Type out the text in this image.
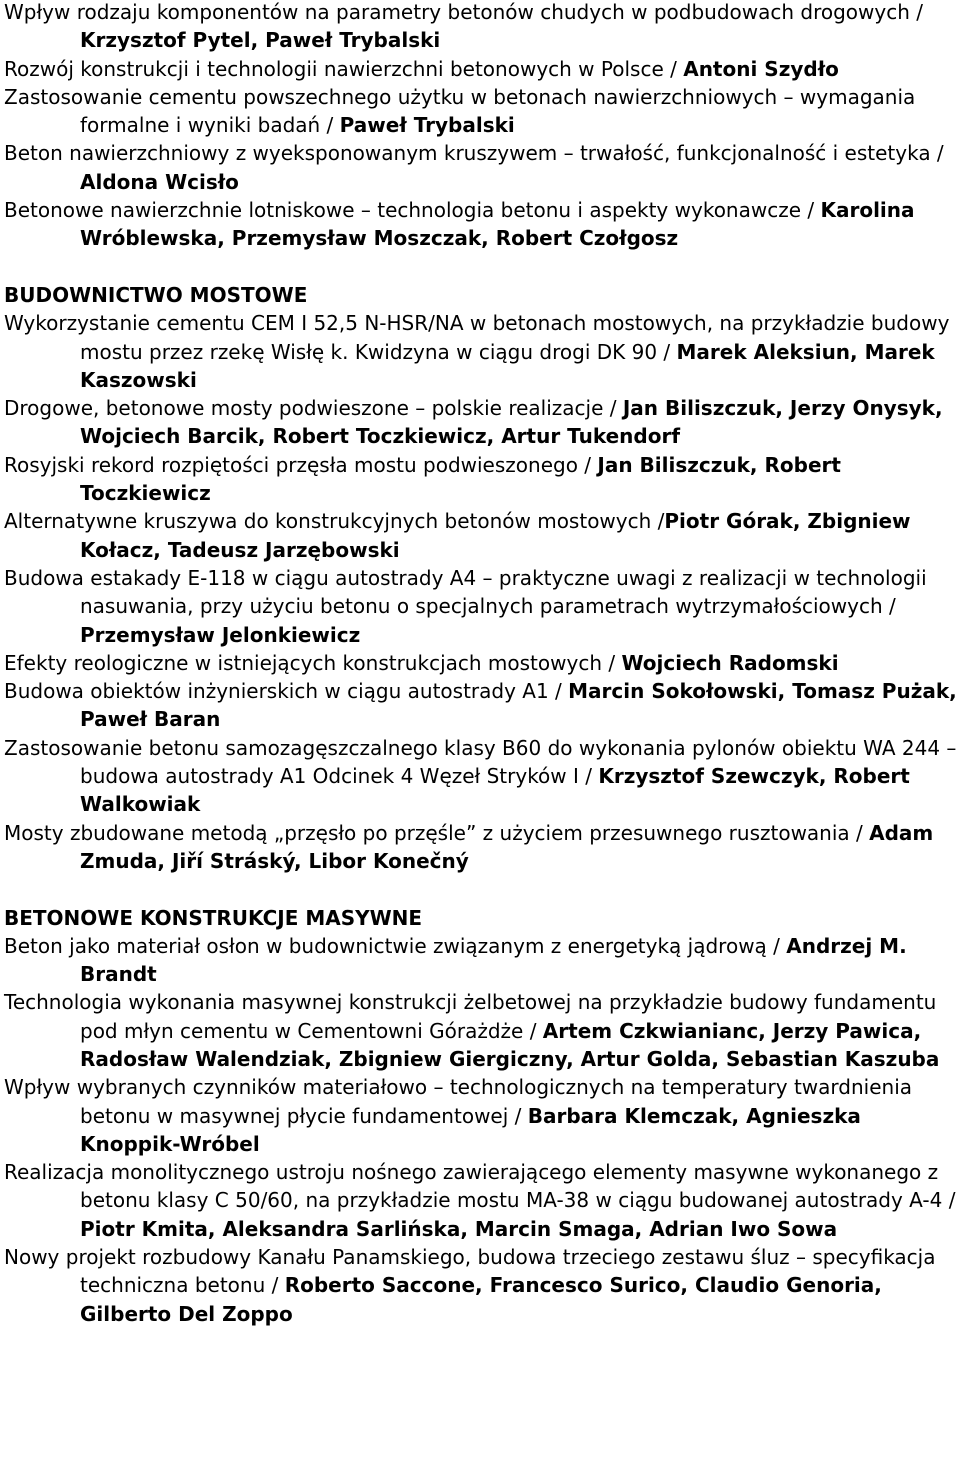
Wpływ rodzaju komponentów na parametry betonów chudych w podbudowach drogowych / Krzysztof Pytel, Paweł Trybalski

Rozwój konstrukcji i technologii nawierzchni betonowych w Polsce / Antoni Szydło

Zastosowanie cementu powszechnego użytku w betonach nawierzchniowych – wymagania formalne i wyniki badań / Paweł Trybalski

Beton nawierzchniowy z wyeksponowanym kruszywem – trwałość, funkcjonalność i estetyka / Aldona Wcisło

Betonowe nawierzchnie lotniskowe – technologia betonu i aspekty wykonawcze / Karolina Wróblewska, Przemysław Moszczak, Robert Czołgosz

BUDOWNICTWO MOSTOWE

Wykorzystanie cementu CEM I 52,5 N-HSR/NA w betonach mostowych, na przykładzie budowy mostu przez rzekę Wisłę k. Kwidzyna w ciągu drogi DK 90 / Marek Aleksiun, Marek Kaszowski

Drogowe, betonowe mosty podwieszone – polskie realizacje / Jan Biliszczuk, Jerzy Onysyk, Wojciech Barcik, Robert Toczkiewicz, Artur Tukendorf

Rosyjski rekord rozpiętości przęsła mostu podwieszonego / Jan Biliszczuk, Robert Toczkiewicz

Alternatywne kruszywa do konstrukcyjnych betonów mostowych /Piotr Górak, Zbigniew Kołacz, Tadeusz Jarzębowski

Budowa estakady E-118 w ciągu autostrady A4 – praktyczne uwagi z realizacji w technologii nasuwania, przy użyciu betonu o specjalnych parametrach wytrzymałościowych / Przemysław Jelonkiewicz

Efekty reologiczne w istniejących konstrukcjach mostowych / Wojciech Radomski

Budowa obiektów inżynierskich w ciągu autostrady A1 / Marcin Sokołowski, Tomasz Pużak, Paweł Baran

Zastosowanie betonu samozagęszczalnego klasy B60 do wykonania pylonów obiektu WA 244 – budowa autostrady A1 Odcinek 4 Węzeł Stryków I / Krzysztof Szewczyk, Robert Walkowiak

Mosty zbudowane metodą „przęsło po przęśle” z użyciem przesuwnego rusztowania / Adam Zmuda, Jiří Stráský, Libor Konečný

BETONOWE KONSTRUKCJE MASYWNE

Beton jako materiał osłon w budownictwie związanym z energetyką jądrową / Andrzej M. Brandt

Technologia wykonania masywnej konstrukcji żelbetowej na przykładzie budowy fundamentu pod młyn cementu w Cementowni Górażdże / Artem Czkwianianc, Jerzy Pawica, Radosław Walendziak, Zbigniew Giergiczny, Artur Golda, Sebastian Kaszuba

Wpływ wybranych czynników materiałowo – technologicznych na temperatury twardnienia betonu w masywnej płycie fundamentowej / Barbara Klemczak, Agnieszka Knoppik-Wróbel

Realizacja monolitycznego ustroju nośnego zawierającego elementy masywne wykonanego z betonu klasy C 50/60, na przykładzie mostu MA-38 w ciągu budowanej autostrady A-4 / Piotr Kmita, Aleksandra Sarlińska, Marcin Smaga, Adrian Iwo Sowa

Nowy projekt rozbudowy Kanału Panamskiego, budowa trzeciego zestawu śluz – specyfikacja techniczna betonu / Roberto Saccone, Francesco Surico, Claudio Genoria, Gilberto Del Zoppo
